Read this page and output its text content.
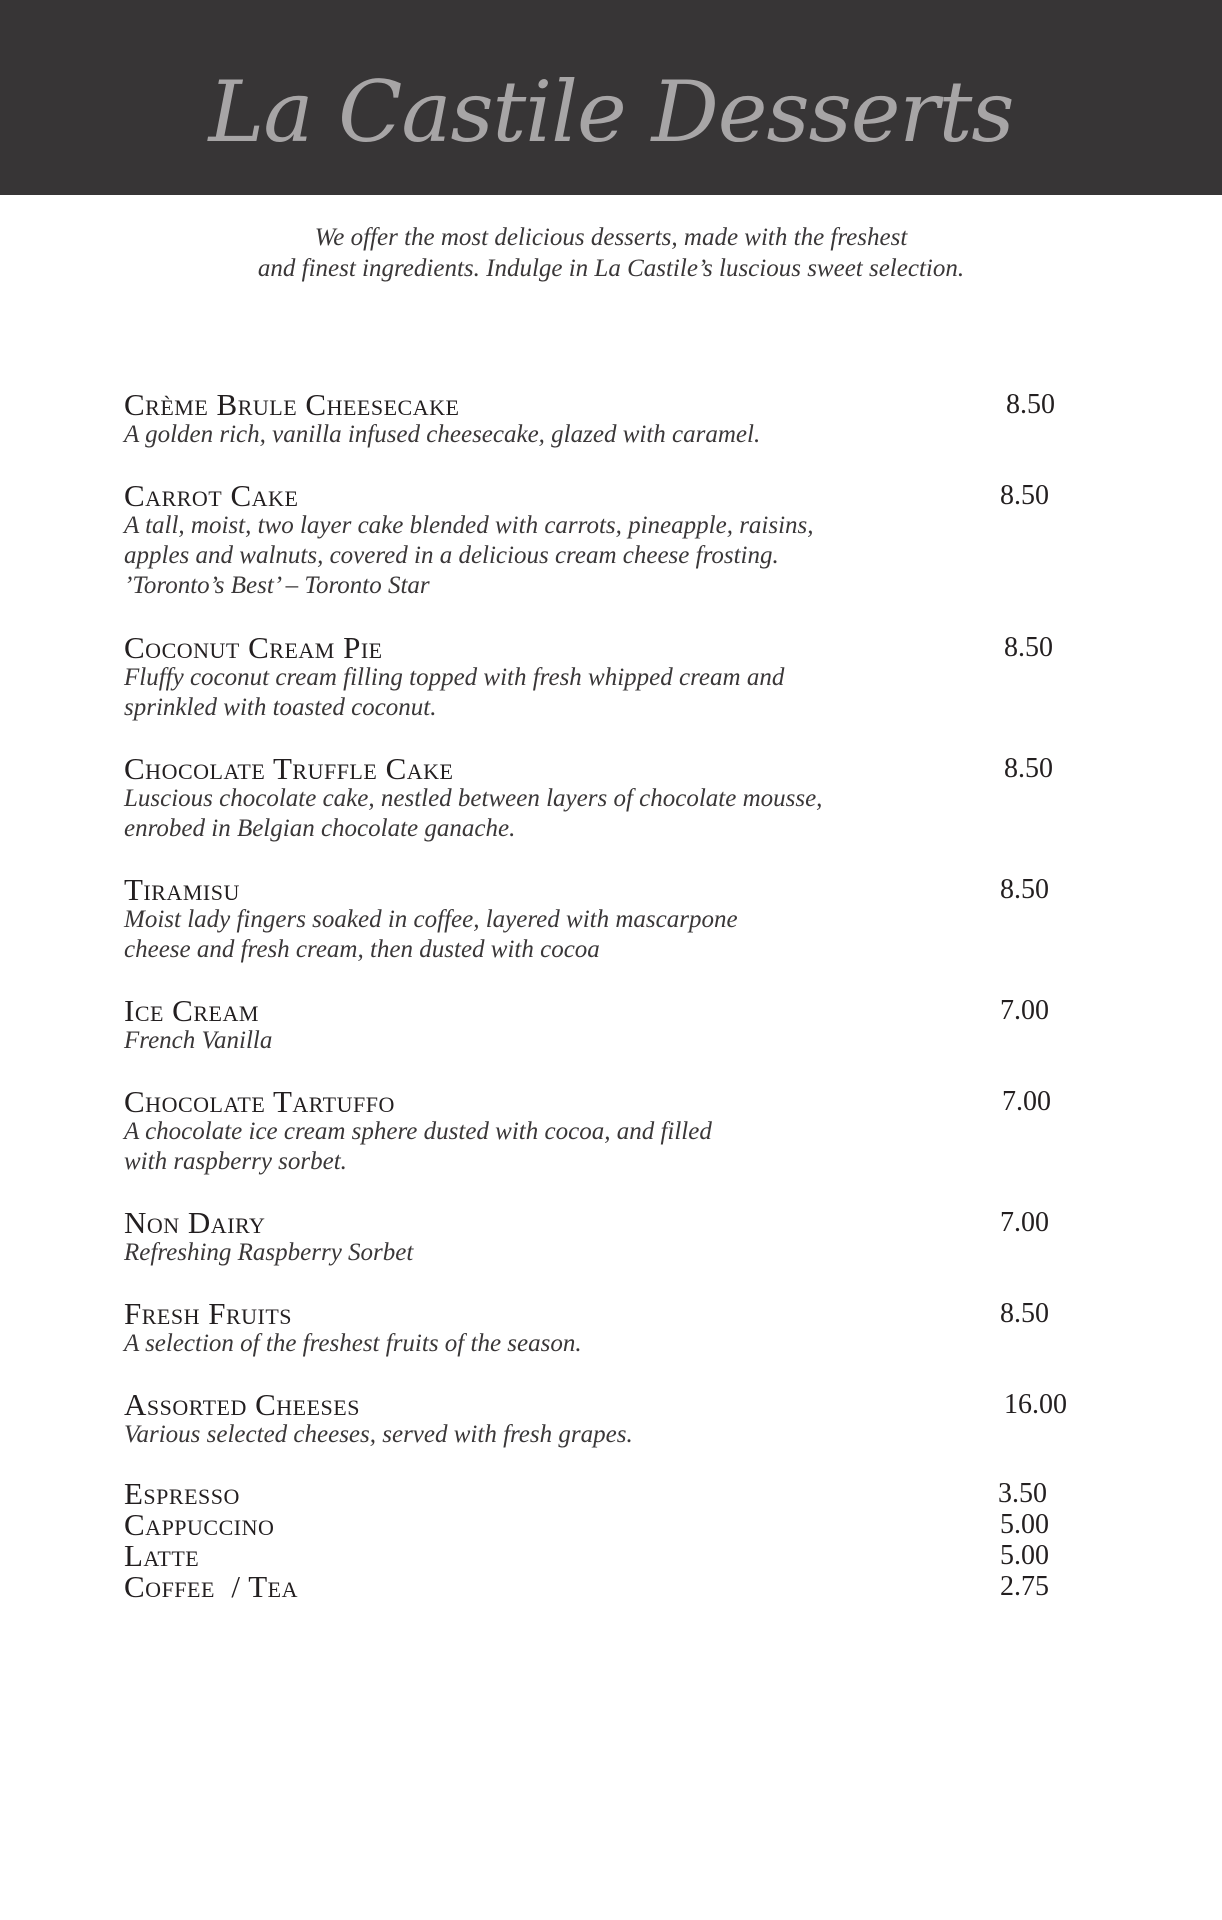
La Castile Desserts
We offer the most delicious desserts, made with the freshest
and finest ingredients. Indulge in La Castile’s luscious sweet selection.
Crème Brule Cheesecake	8.50
A golden rich, vanilla infused cheesecake, glazed with caramel.
Carrot Cake	8.50
A tall, moist, two layer cake blended with carrots, pineapple, raisins,
apples and walnuts, covered in a delicious cream cheese frosting.
’Toronto’s Best’ – Toronto Star
Coconut Cream Pie	8.50
Fluffy coconut cream filling topped with fresh whipped cream and
sprinkled with toasted coconut.
Chocolate Truffle Cake	8.50
Luscious chocolate cake, nestled between layers of chocolate mousse,
enrobed in Belgian chocolate ganache.
Tiramisu	8.50
Moist lady fingers soaked in coffee, layered with mascarpone
cheese and fresh cream, then dusted with cocoa
Ice Cream	7.00
French Vanilla
Chocolate Tartuffo	7.00
A chocolate ice cream sphere dusted with cocoa, and filled
with raspberry sorbet.
Non Dairy	7.00
Refreshing Raspberry Sorbet
Fresh Fruits	8.50
A selection of the freshest fruits of the season.
Assorted Cheeses	16.00
Various selected cheeses, served with fresh grapes.
Espresso	3.50
Cappuccino	5.00
Latte	5.00
Coffee  / Tea	2.75
